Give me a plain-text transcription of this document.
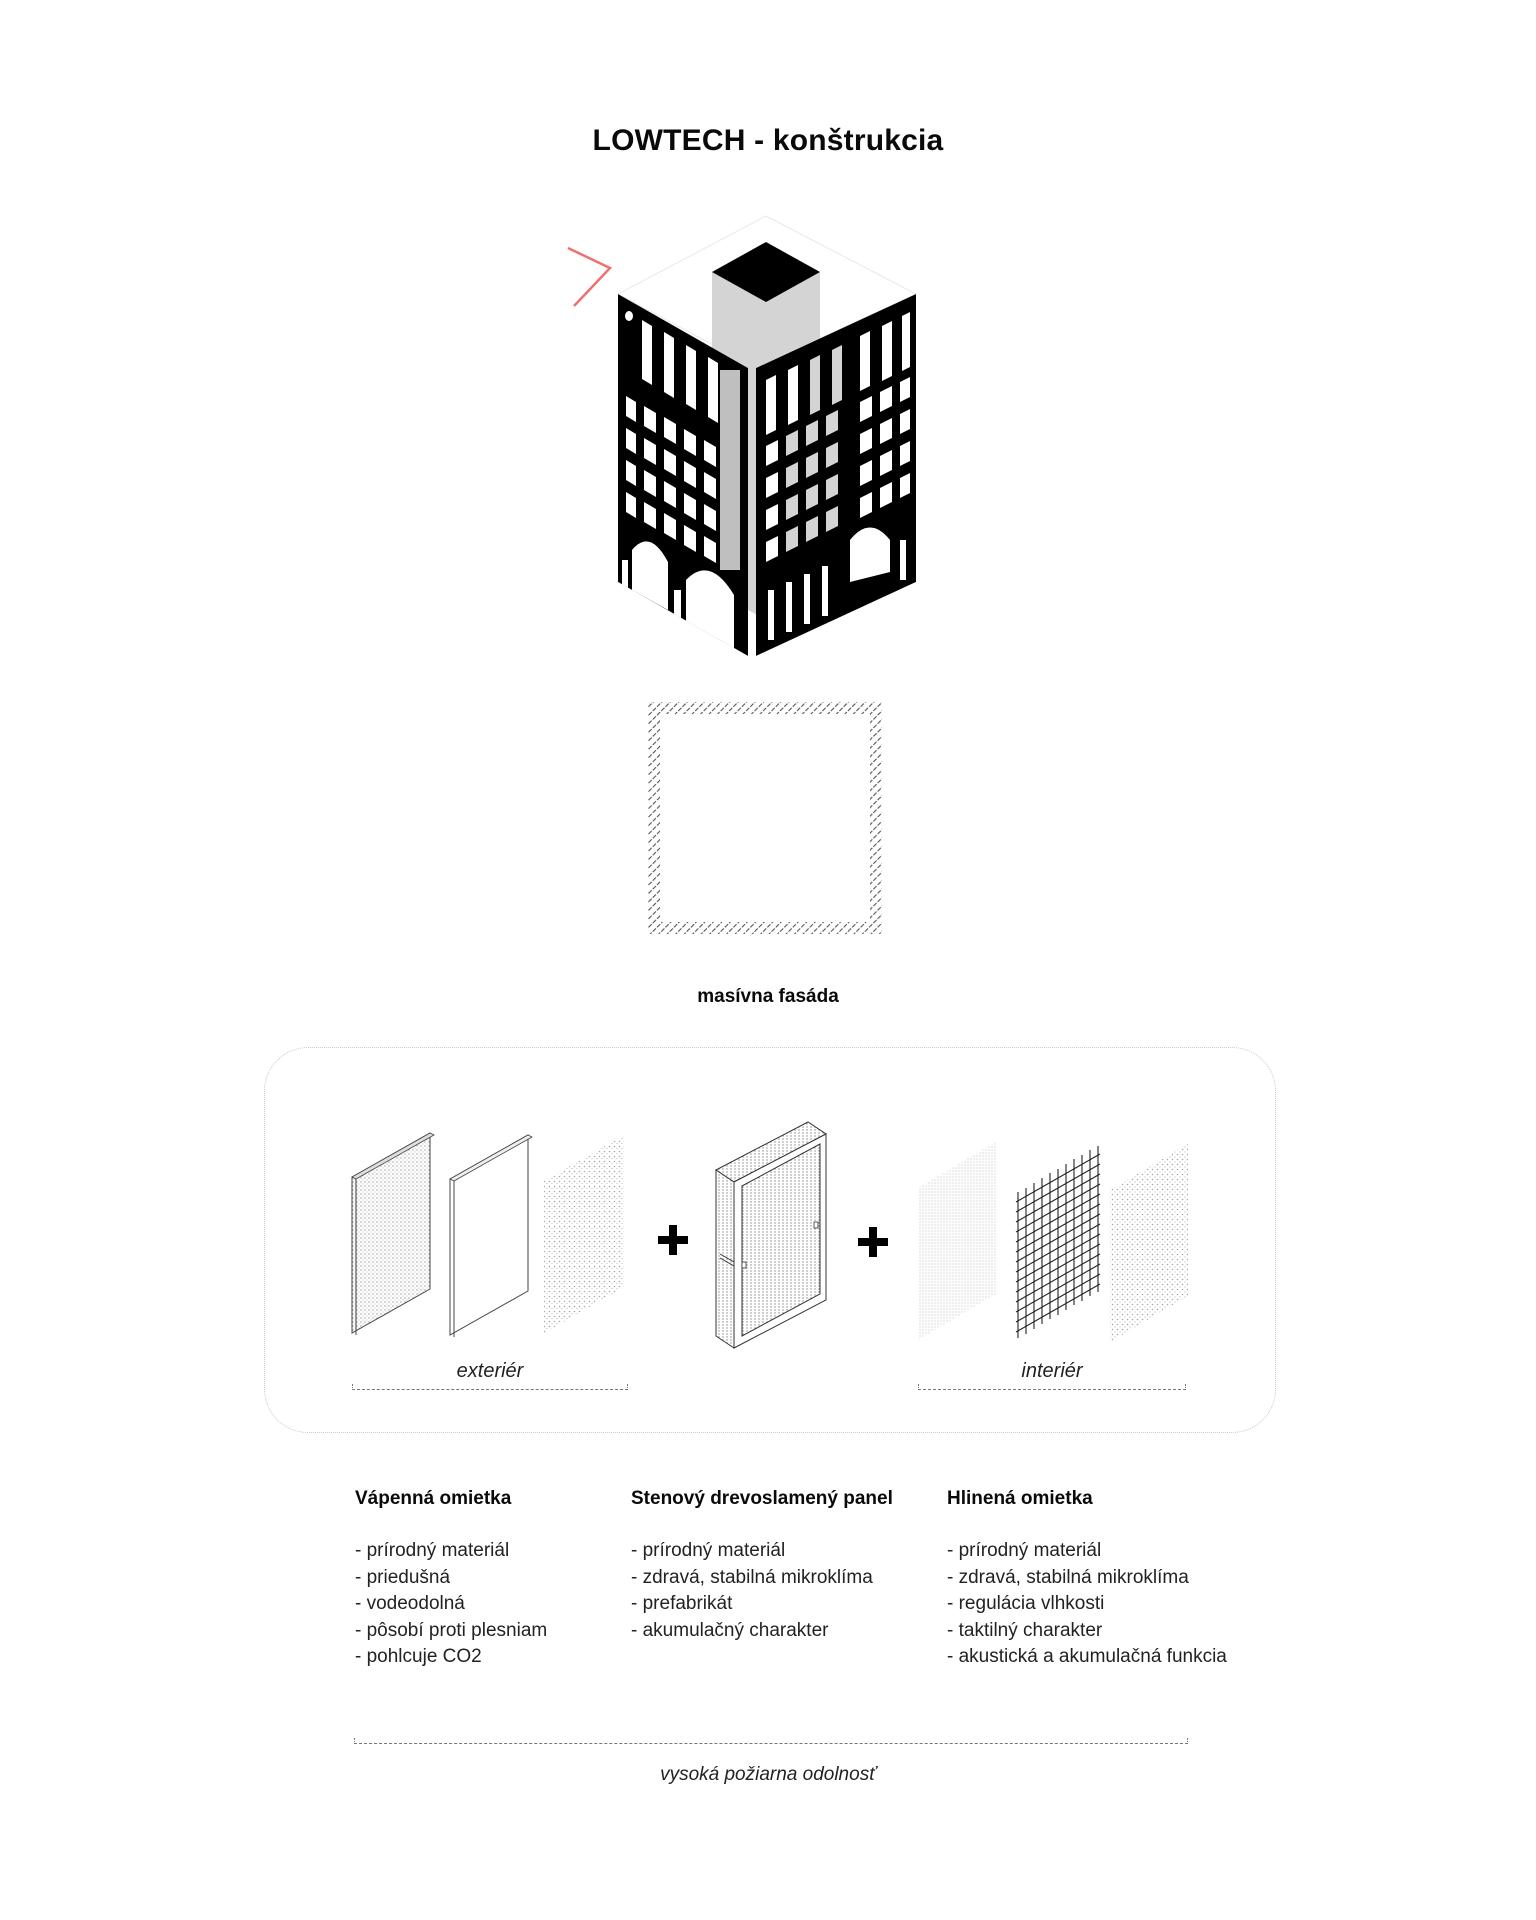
LOWTECH - konštrukcia
masívna fasáda
exteriér	interiér
Vápenná omietka
- prírodný materiál
- priedušná
- vodeodolná
- pôsobí proti plesniam
- pohlcuje CO2
Stenový drevoslamený panel
- prírodný materiál
- zdravá, stabilná mikroklíma
- prefabrikát
- akumulačný charakter
Hlinená omietka
- prírodný materiál
- zdravá, stabilná mikroklíma
- regulácia vlhkosti
- taktilný charakter
- akustická a akumulačná funkcia
vysoká požiarna odolnosť
